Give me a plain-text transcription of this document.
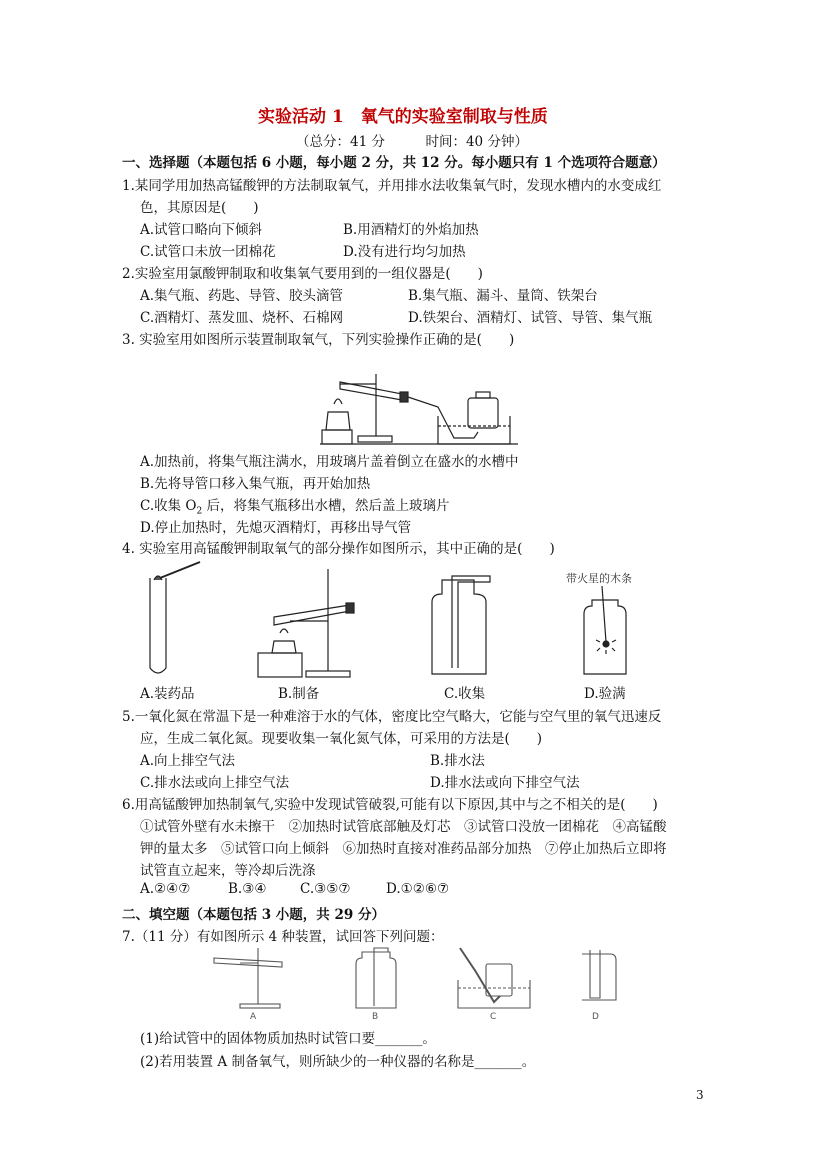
实验活动 1　氧气的实验室制取与性质
（总分：41 分　　　时间：40 分钟）
一、选择题（本题包括 6 小题，每小题 2 分，共 12 分。每小题只有 1 个选项符合题意）
1.某同学用加热高锰酸钾的方法制取氧气，并用排水法收集氧气时，发现水槽内的水变成红
色，其原因是(　　)
A.试管口略向下倾斜	B.用酒精灯的外焰加热
C.试管口未放一团棉花	D.没有进行均匀加热
2.实验室用氯酸钾制取和收集氧气要用到的一组仪器是(　　)
A.集气瓶、药匙、导管、胶头滴管	B.集气瓶、漏斗、量筒、铁架台
C.酒精灯、蒸发皿、烧杯、石棉网	D.铁架台、酒精灯、试管、导管、集气瓶
3. 实验室用如图所示装置制取氧气，下列实验操作正确的是(　　)
A.加热前，将集气瓶注满水，用玻璃片盖着倒立在盛水的水槽中
B.先将导管口移入集气瓶，再开始加热
C.收集 $O_2$ 后，将集气瓶移出水槽，然后盖上玻璃片
D.停止加热时，先熄灭酒精灯，再移出导气管
4. 实验室用高锰酸钾制取氧气的部分操作如图所示，其中正确的是(　　)
带火星的木条
A.装药品	B.制备	C.收集	D.验满
5.一氧化氮在常温下是一种难溶于水的气体，密度比空气略大，它能与空气里的氧气迅速反
应，生成二氧化氮。现要收集一氧化氮气体，可采用的方法是(　　)
A.向上排空气法	B.排水法
C.排水法或向上排空气法	D.排水法或向下排空气法
6.用高锰酸钾加热制氧气,实验中发现试管破裂,可能有以下原因,其中与之不相关的是(　　)
①试管外壁有水未擦干　②加热时试管底部触及灯芯　③试管口没放一团棉花　④高锰酸
钾的量太多　⑤试管口向上倾斜　⑥加热时直接对准药品部分加热　⑦停止加热后立即将
试管直立起来，等冷却后洗涤
A.②④⑦	B.③④ C.③⑤⑦	D.①②⑥⑦
二、填空题（本题包括 3 小题，共 29 分）
7.（11 分）有如图所示 4 种装置，试回答下列问题：
A	B	C	D
(1)给试管中的固体物质加热时试管口要_______。
(2)若用装置 A 制备氧气，则所缺少的一种仪器的名称是_______。
3
